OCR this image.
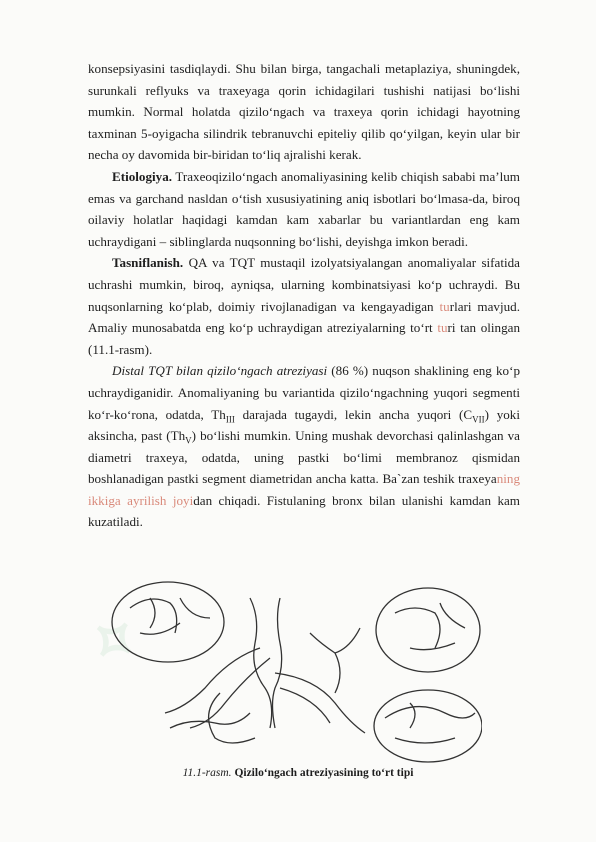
⟡

konsepsiyasini tasdiqlaydi. Shu bilan birga, tangachali metaplaziya, shuningdek, surunkali reflyuks va traxeyaga qorin ichidagilari tushishi natijasi bo‘lishi mumkin. Normal holatda qizilo‘ngach va traxeya qorin ichidagi hayotning taxminan 5-oyigacha silindrik tebranuvchi epiteliy qilib qo‘yilgan, keyin ular bir necha oy davomida bir-biridan to‘liq ajralishi kerak.

Etiologiya. Traxeoqizilo‘ngach anomaliyasining kelib chiqish sababi ma’lum emas va garchand nasldan o‘tish xususiyatining aniq isbotlari bo‘lmasa-da, biroq oilaviy holatlar haqidagi kamdan kam xabarlar bu variantlardan eng kam uchraydigani – siblinglarda nuqsonning bo‘lishi, deyishga imkon beradi.

Tasniflanish. QA va TQT mustaqil izolyatsiyalangan anomaliyalar sifatida uchrashi mumkin, biroq, ayniqsa, ularning kombinatsiyasi ko‘p uchraydi. Bu nuqsonlarning ko‘plab, doimiy rivojlanadigan va kengayadigan turlari mavjud. Amaliy munosabatda eng ko‘p uchraydigan atreziyalarning to‘rt turi tan olingan (11.1-rasm).

Distal TQT bilan qizilo‘ngach atreziyasi (86 %) nuqson shaklining eng ko‘p uchraydiganidir. Anomaliyaning bu variantida qizilo‘ngachning yuqori segmenti ko‘r-ko‘rona, odatda, $Th_{III}$ darajada tugaydi, lekin ancha yuqori $(C_{VII})$ yoki aksincha, past $(Th_V)$ bo‘lishi mumkin. Uning mushak devorchasi qalinlashgan va diametri traxeya, odatda, uning pastki bo‘limi membranoz qismidan boshlanadigan pastki segment diametridan ancha katta. Ba`zan teshik traxeyaning ikkiga ayrilish joyidan chiqadi. Fistulaning bronx bilan ulanishi kamdan kam kuzatiladi.

11.1-rasm. Qizilo‘ngach atreziyasining to‘rt tipi
